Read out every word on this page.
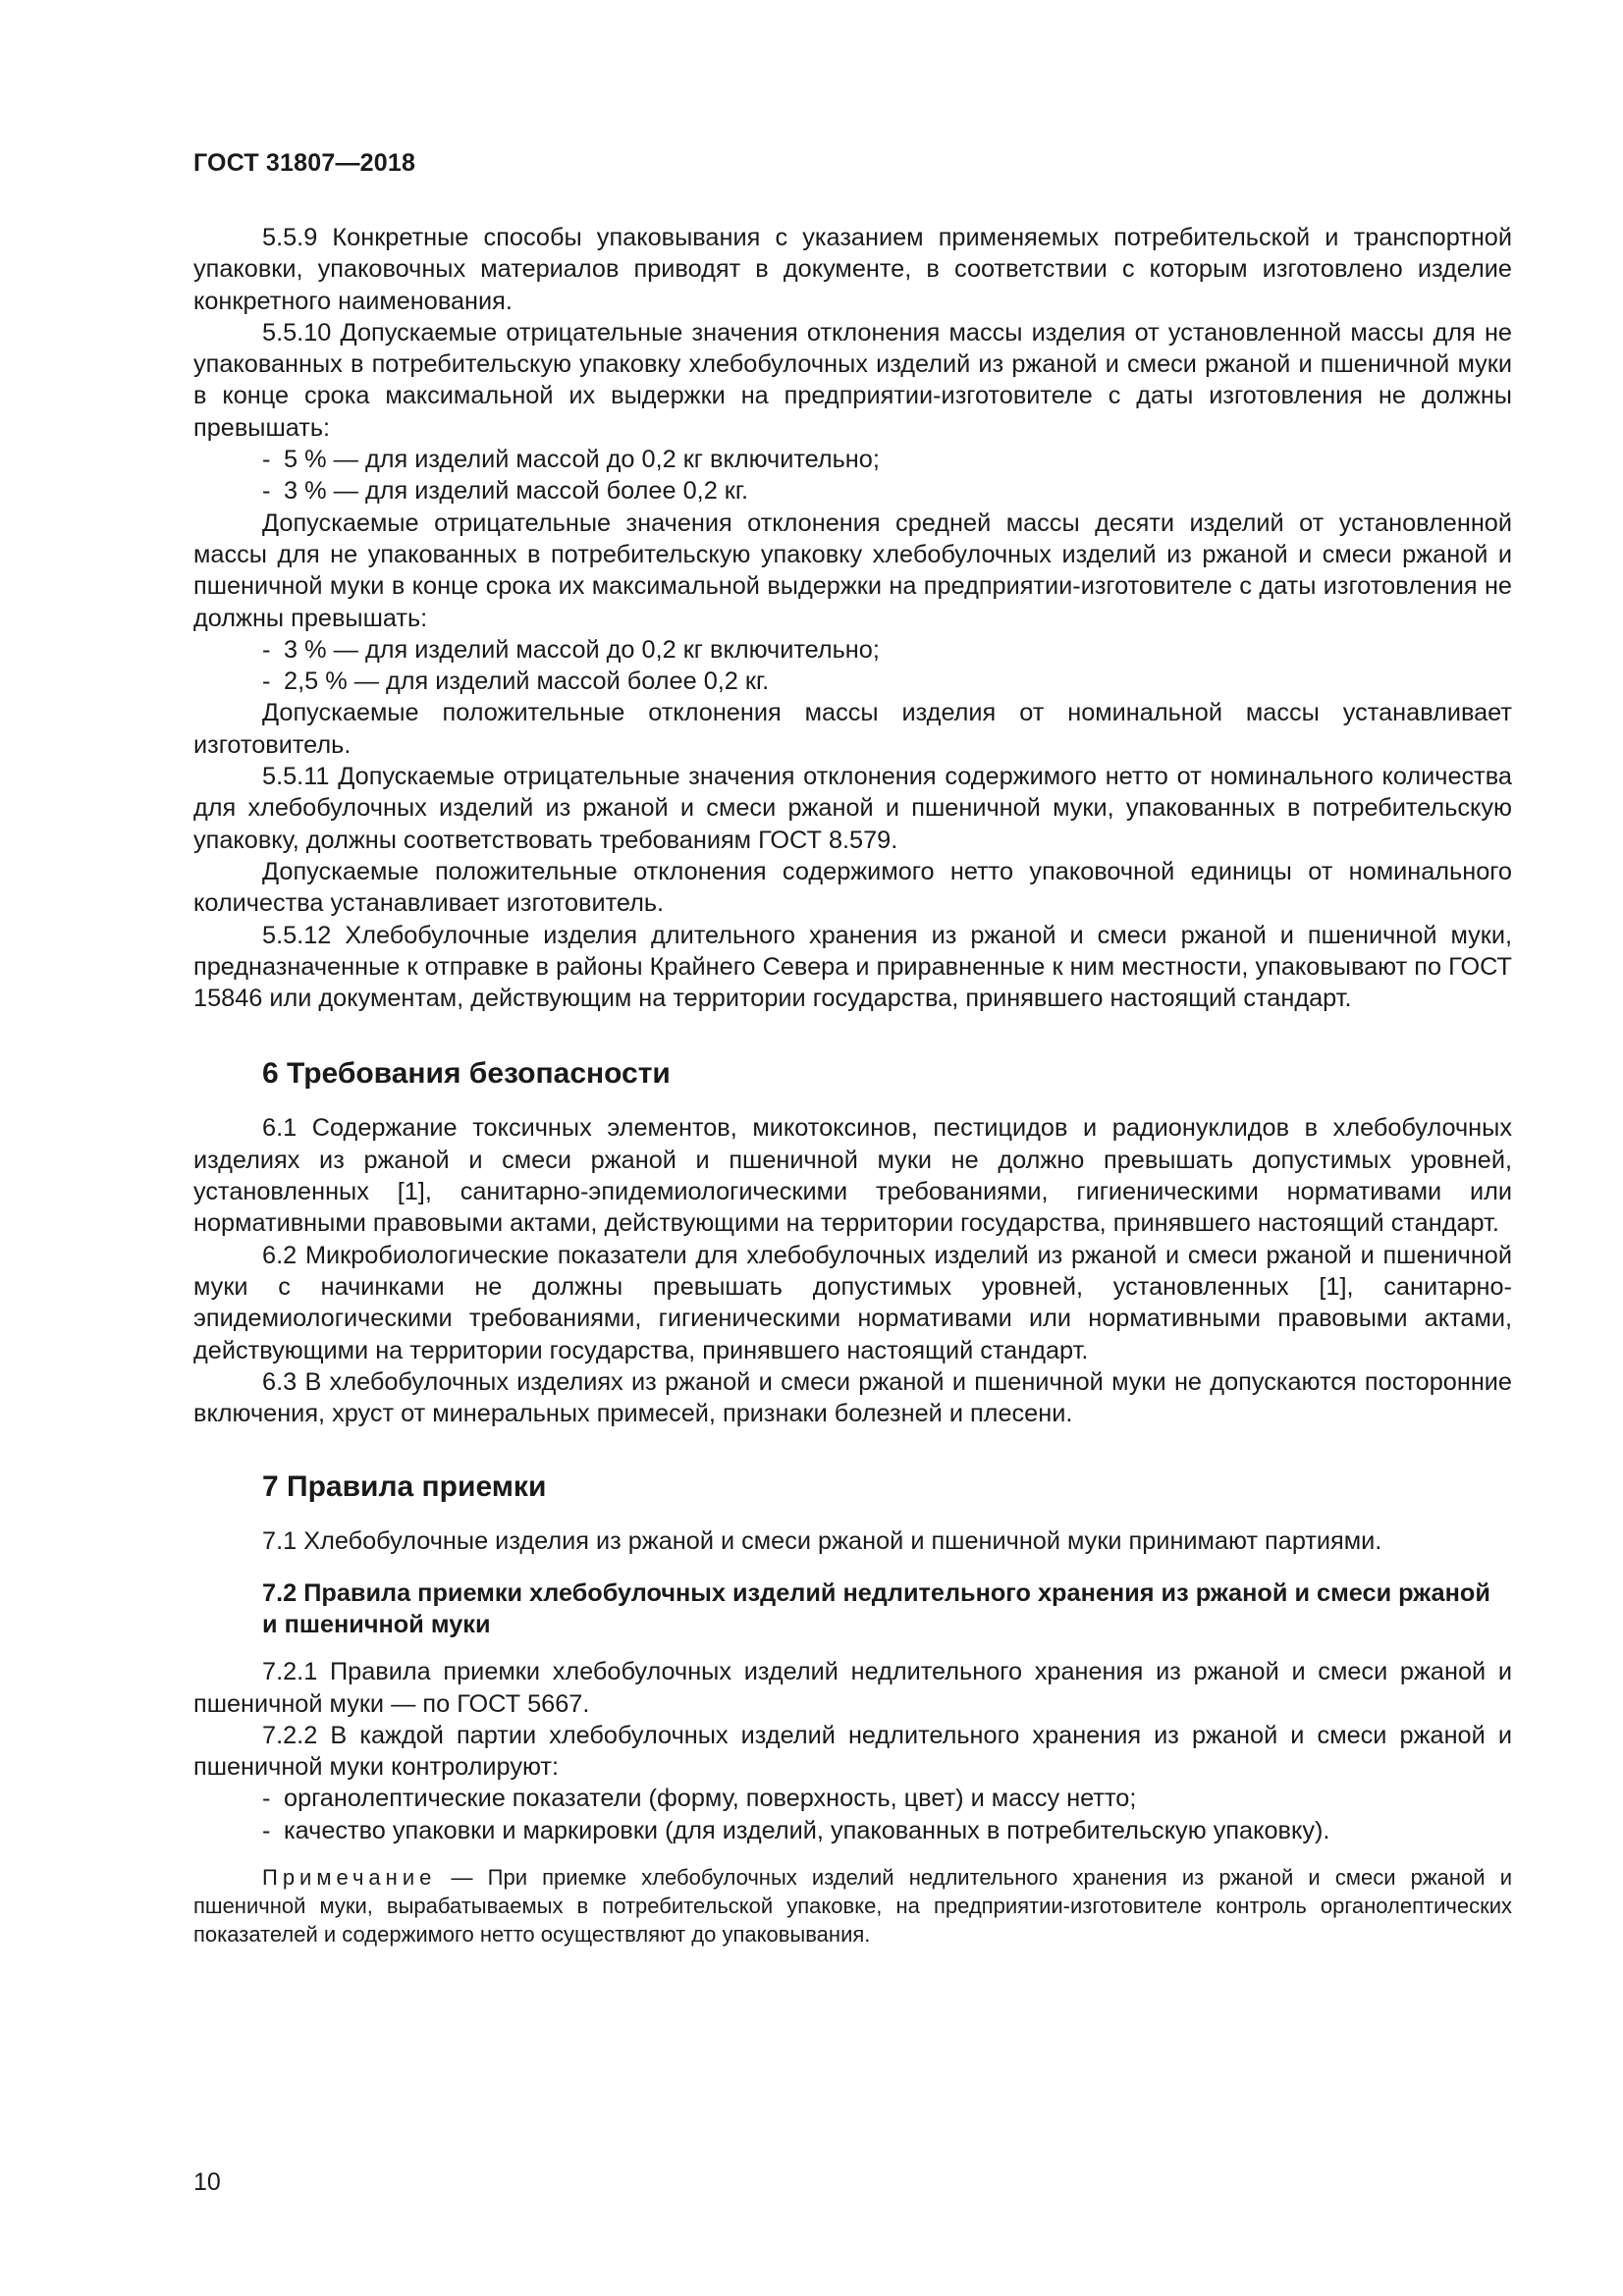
ГОСТ 31807—2018

5.5.9 Конкретные способы упаковывания с указанием применяемых потребительской и транспортной упаковки, упаковочных материалов приводят в документе, в соответствии с которым изготовлено изделие конкретного наименования.

5.5.10 Допускаемые отрицательные значения отклонения массы изделия от установленной массы для не упакованных в потребительскую упаковку хлебобулочных изделий из ржаной и смеси ржаной и пшеничной муки в конце срока максимальной их выдержки на предприятии-изготовителе с даты изготовления не должны превышать:

- 5 % — для изделий массой до 0,2 кг включительно;

- 3 % — для изделий массой более 0,2 кг.

Допускаемые отрицательные значения отклонения средней массы десяти изделий от установленной массы для не упакованных в потребительскую упаковку хлебобулочных изделий из ржаной и смеси ржаной и пшеничной муки в конце срока их максимальной выдержки на предприятии-изготовителе с даты изготовления не должны превышать:

- 3 % — для изделий массой до 0,2 кг включительно;

- 2,5 % — для изделий массой более 0,2 кг.

Допускаемые положительные отклонения массы изделия от номинальной массы устанавливает изготовитель.

5.5.11 Допускаемые отрицательные значения отклонения содержимого нетто от номинального количества для хлебобулочных изделий из ржаной и смеси ржаной и пшеничной муки, упакованных в потребительскую упаковку, должны соответствовать требованиям ГОСТ 8.579.

Допускаемые положительные отклонения содержимого нетто упаковочной единицы от номинального количества устанавливает изготовитель.

5.5.12 Хлебобулочные изделия длительного хранения из ржаной и смеси ржаной и пшеничной муки, предназначенные к отправке в районы Крайнего Севера и приравненные к ним местности, упаковывают по ГОСТ 15846 или документам, действующим на территории государства, принявшего настоящий стандарт.

6 Требования безопасности

6.1 Содержание токсичных элементов, микотоксинов, пестицидов и радионуклидов в хлебобулочных изделиях из ржаной и смеси ржаной и пшеничной муки не должно превышать допустимых уровней, установленных [1], санитарно-эпидемиологическими требованиями, гигиеническими нормативами или нормативными правовыми актами, действующими на территории государства, принявшего настоящий стандарт.

6.2 Микробиологические показатели для хлебобулочных изделий из ржаной и смеси ржаной и пшеничной муки с начинками не должны превышать допустимых уровней, установленных [1], санитарно-эпидемиологическими требованиями, гигиеническими нормативами или нормативными правовыми актами, действующими на территории государства, принявшего настоящий стандарт.

6.3 В хлебобулочных изделиях из ржаной и смеси ржаной и пшеничной муки не допускаются посторонние включения, хруст от минеральных примесей, признаки болезней и плесени.

7 Правила приемки

7.1 Хлебобулочные изделия из ржаной и смеси ржаной и пшеничной муки принимают партиями.

7.2 Правила приемки хлебобулочных изделий недлительного хранения из ржаной и смеси ржаной и пшеничной муки

7.2.1 Правила приемки хлебобулочных изделий недлительного хранения из ржаной и смеси ржаной и пшеничной муки — по ГОСТ 5667.

7.2.2 В каждой партии хлебобулочных изделий недлительного хранения из ржаной и смеси ржаной и пшеничной муки контролируют:

- органолептические показатели (форму, поверхность, цвет) и массу нетто;

- качество упаковки и маркировки (для изделий, упакованных в потребительскую упаковку).

Примечание — При приемке хлебобулочных изделий недлительного хранения из ржаной и смеси ржаной и пшеничной муки, вырабатываемых в потребительской упаковке, на предприятии-изготовителе контроль органолептических показателей и содержимого нетто осуществляют до упаковывания.

10
